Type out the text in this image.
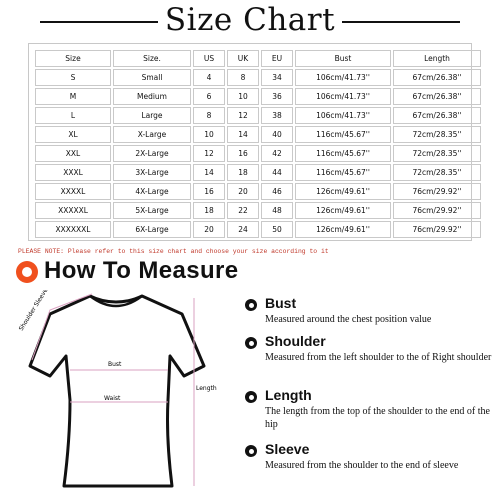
Size Chart
Size	Size.	US	UK	EU	Bust	Length
S	Small	4	8	34	106cm/41.73''	67cm/26.38''
M	Medium	6	10	36	106cm/41.73''	67cm/26.38''
L	Large	8	12	38	106cm/41.73''	67cm/26.38''
XL	X-Large	10	14	40	116cm/45.67''	72cm/28.35''
XXL	2X-Large	12	16	42	116cm/45.67''	72cm/28.35''
XXXL	3X-Large	14	18	44	116cm/45.67''	72cm/28.35''
XXXXL	4X-Large	16	20	46	126cm/49.61''	76cm/29.92''
XXXXXL	5X-Large	18	22	48	126cm/49.61''	76cm/29.92''
XXXXXXL	6X-Large	20	24	50	126cm/49.61''	76cm/29.92''
PLEASE NOTE: Please refer to this size chart and choose your size according to it
How To Measure
Shoulder Sleeve
Bust
Waist
Length
Bust
Measured around the chest position value
Shoulder
Measured from the left shoulder to the of Right shoulder
Length
The length from the top of the shoulder to the end of the hip
Sleeve
Measured from the shoulder to the end of sleeve
